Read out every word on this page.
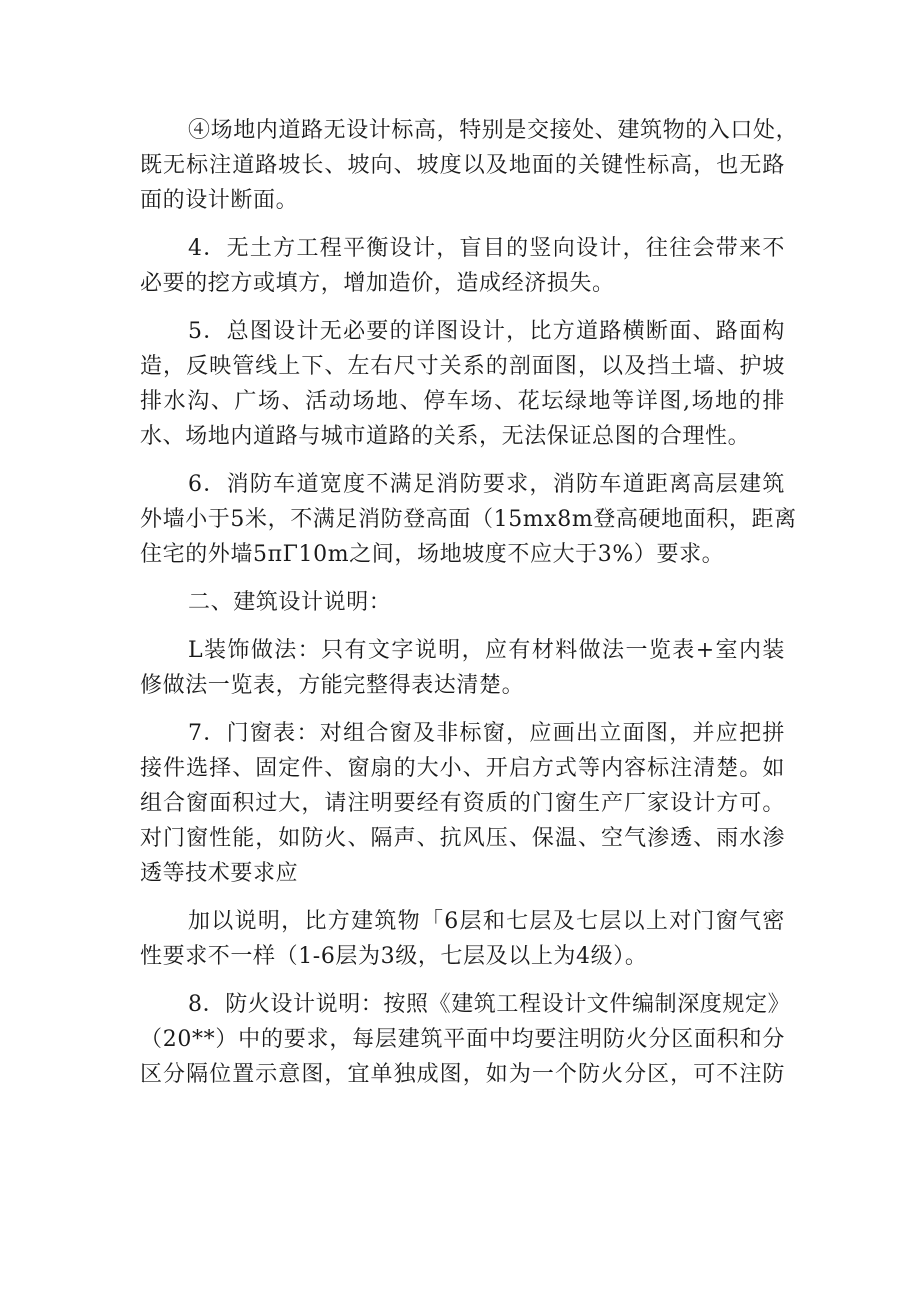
④场地内道路无设计标高，特别是交接处、建筑物的入口处，
既无标注道路坡长、坡向、坡度以及地面的关键性标高，也无路
面的设计断面。
4．无土方工程平衡设计，盲目的竖向设计，往往会带来不
必要的挖方或填方，增加造价，造成经济损失。
5．总图设计无必要的详图设计，比方道路横断面、路面构
造，反映管线上下、左右尺寸关系的剖面图，以及挡土墙、护坡
排水沟、广场、活动场地、停车场、花坛绿地等详图,场地的排
水、场地内道路与城市道路的关系，无法保证总图的合理性。
6．消防车道宽度不满足消防要求，消防车道距离高层建筑
外墙小于5米，不满足消防登高面（15mx8m登高硬地面积，距离
住宅的外墙5πΓ10m之间，场地坡度不应大于3%）要求。
二、建筑设计说明：
L装饰做法：只有文字说明，应有材料做法一览表+室内装
修做法一览表，方能完整得表达清楚。
7．门窗表：对组合窗及非标窗，应画出立面图，并应把拼
接件选择、固定件、窗扇的大小、开启方式等内容标注清楚。如
组合窗面积过大，请注明要经有资质的门窗生产厂家设计方可。
对门窗性能，如防火、隔声、抗风压、保温、空气渗透、雨水渗
透等技术要求应
加以说明，比方建筑物「6层和七层及七层以上对门窗气密
性要求不一样（1-6层为3级，七层及以上为4级）。
8．防火设计说明：按照《建筑工程设计文件编制深度规定》
（20**）中的要求，每层建筑平面中均要注明防火分区面积和分
区分隔位置示意图，宜单独成图，如为一个防火分区，可不注防
